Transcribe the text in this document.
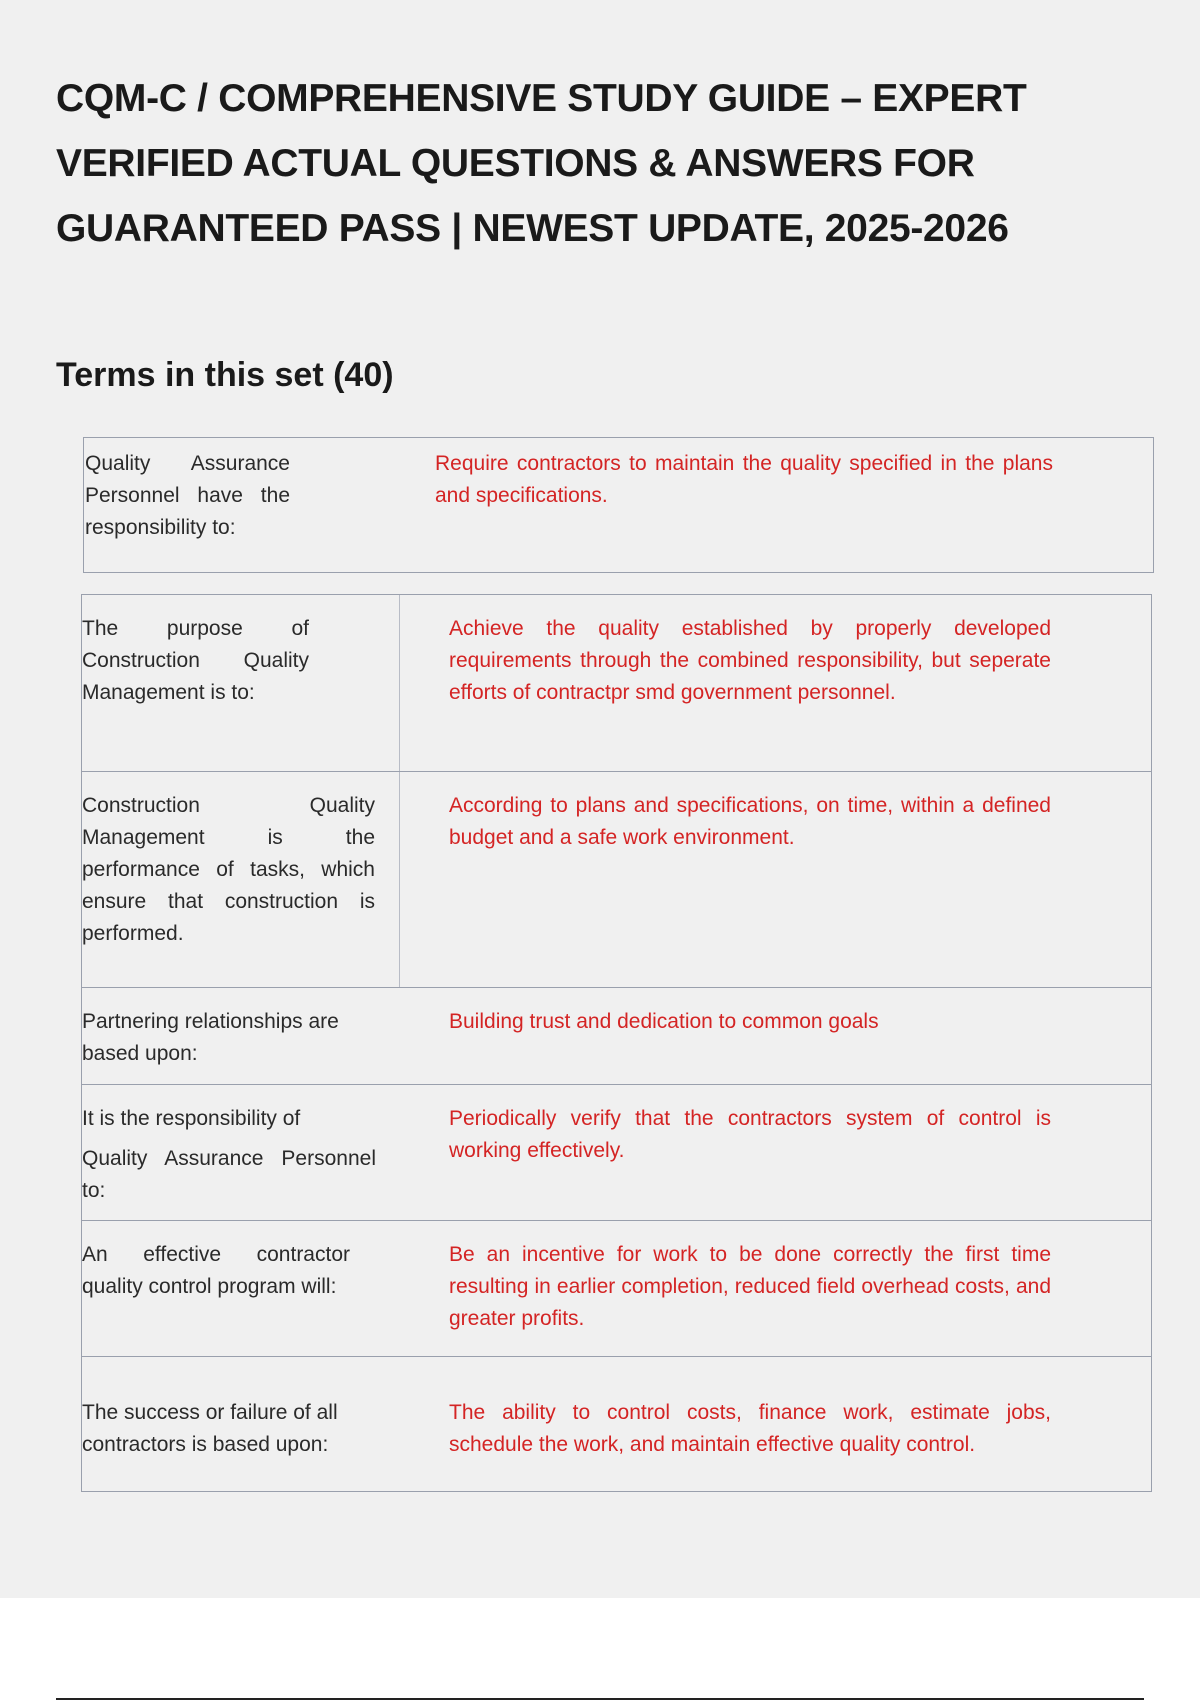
CQM-C / COMPREHENSIVE STUDY GUIDE – EXPERT VERIFIED ACTUAL QUESTIONS & ANSWERS FOR GUARANTEED PASS | NEWEST UPDATE, 2025-2026
Terms in this set (40)
Quality Assurance Personnel have the responsibility to:
Require contractors to maintain the quality specified in the plans and specifications.
The purpose of Construction Quality Management is to:
Achieve the quality established by properly developed requirements through the combined responsibility, but seperate efforts of contractpr smd government personnel.
Construction Quality Management is the performance of tasks, which ensure that construction is performed.
According to plans and specifications, on time, within a defined budget and a safe work environment.
Partnering relationships are based upon:
Building trust and dedication to common goals
It is the responsibility of
Quality Assurance Personnel to:
Periodically verify that the contractors system of control is working effectively.
An effective contractor quality control program will:
Be an incentive for work to be done correctly the first time resulting in earlier completion, reduced field overhead costs, and greater profits.
The success or failure of all contractors is based upon:
The ability to control costs, finance work, estimate jobs, schedule the work, and maintain effective quality control.
